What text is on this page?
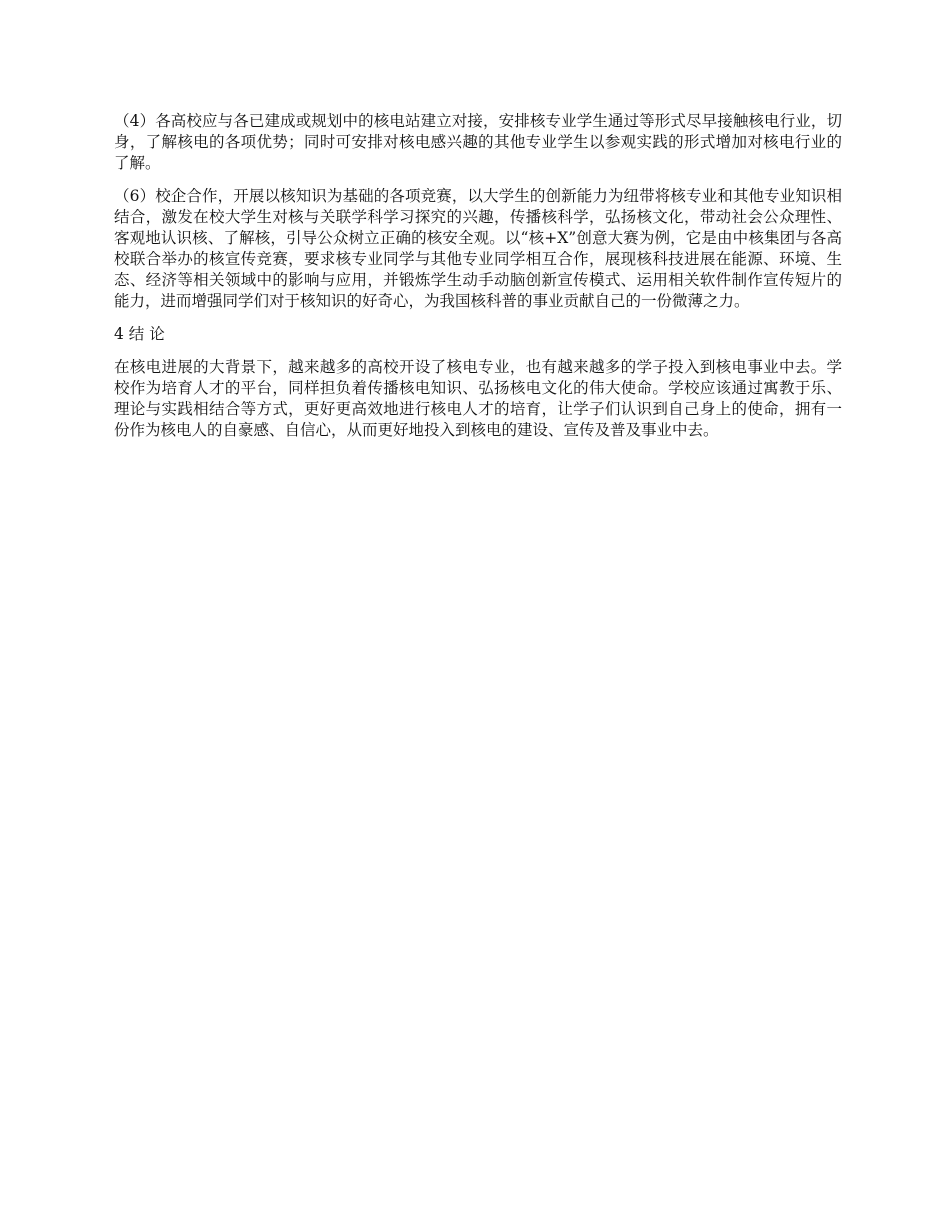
（4）各高校应与各已建成或规划中的核电站建立对接，安排核专业学生通过等形式尽早接触核电行业，切身，了解核电的各项优势；同时可安排对核电感兴趣的其他专业学生以参观实践的形式增加对核电行业的了解。

（6）校企合作，开展以核知识为基础的各项竞赛，以大学生的创新能力为纽带将核专业和其他专业知识相结合，激发在校大学生对核与关联学科学习探究的兴趣，传播核科学，弘扬核文化，带动社会公众理性、客观地认识核、了解核，引导公众树立正确的核安全观。以“核+X”创意大赛为例，它是由中核集团与各高校联合举办的核宣传竞赛，要求核专业同学与其他专业同学相互合作，展现核科技进展在能源、环境、生态、经济等相关领域中的影响与应用，并锻炼学生动手动脑创新宣传模式、运用相关软件制作宣传短片的能力，进而增强同学们对于核知识的好奇心，为我国核科普的事业贡献自己的一份微薄之力。

4 结 论

在核电进展的大背景下，越来越多的高校开设了核电专业，也有越来越多的学子投入到核电事业中去。学校作为培育人才的平台，同样担负着传播核电知识、弘扬核电文化的伟大使命。学校应该通过寓教于乐、理论与实践相结合等方式，更好更高效地进行核电人才的培育，让学子们认识到自己身上的使命，拥有一份作为核电人的自豪感、自信心，从而更好地投入到核电的建设、宣传及普及事业中去。
